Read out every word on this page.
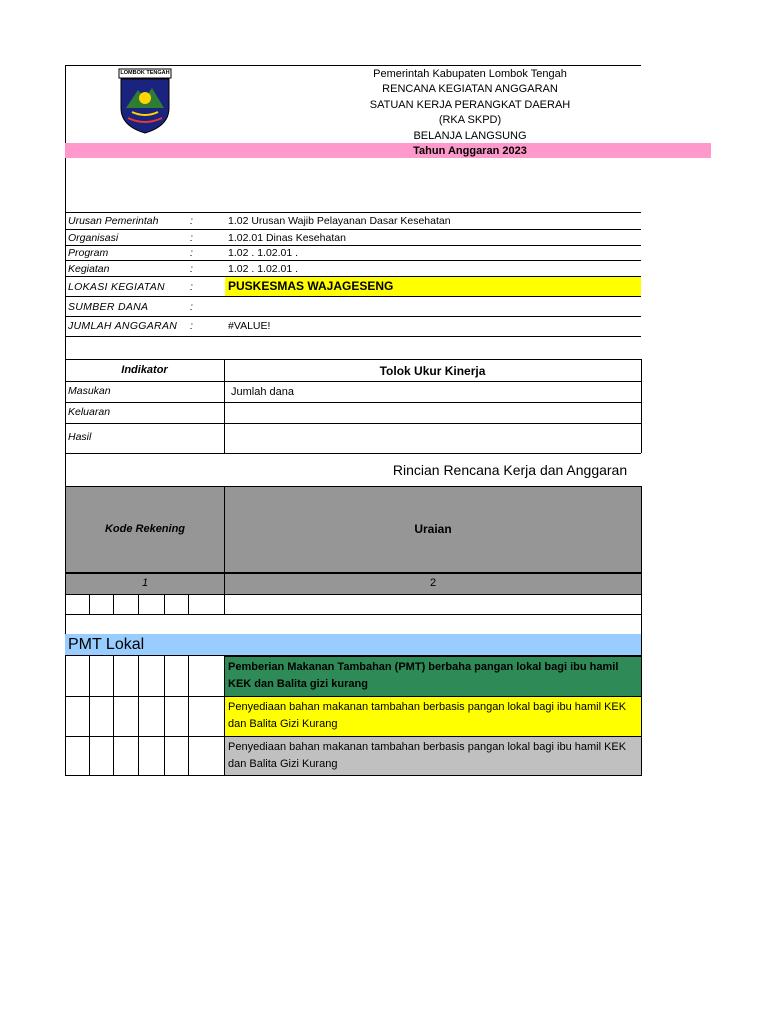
LOMBOK TENGAH	Pemerintah Kabupaten Lombok Tengah
RENCANA KEGIATAN ANGGARAN
SATUAN KERJA PERANGKAT DAERAH
(RKA SKPD)
BELANJA LANGSUNG
Tahun Anggaran 2023
Urusan Pemerintah	:	1.02 Urusan Wajib Pelayanan Dasar Kesehatan
Organisasi	:	1.02.01 Dinas Kesehatan
Program	:	1.02 . 1.02.01 .
Kegiatan	:	1.02 . 1.02.01 .
LOKASI KEGIATAN :	PUSKESMAS WAJAGESENG
SUMBER DANA	:
JUMLAH ANGGARAN :	#VALUE!
Indikator	Tolok Ukur Kinerja
Masukan	Jumlah dana
Keluaran
Hasil
Rincian Rencana Kerja dan Anggaran
Kode Rekening	Uraian
1	2
PMT Lokal
Pemberian Makanan Tambahan (PMT) berbaha pangan lokal bagi ibu hamil KEK dan Balita gizi kurang
Penyediaan bahan makanan tambahan berbasis pangan lokal bagi ibu hamil KEK dan Balita Gizi Kurang
Penyediaan bahan makanan tambahan berbasis pangan lokal bagi ibu hamil KEK dan Balita Gizi Kurang
